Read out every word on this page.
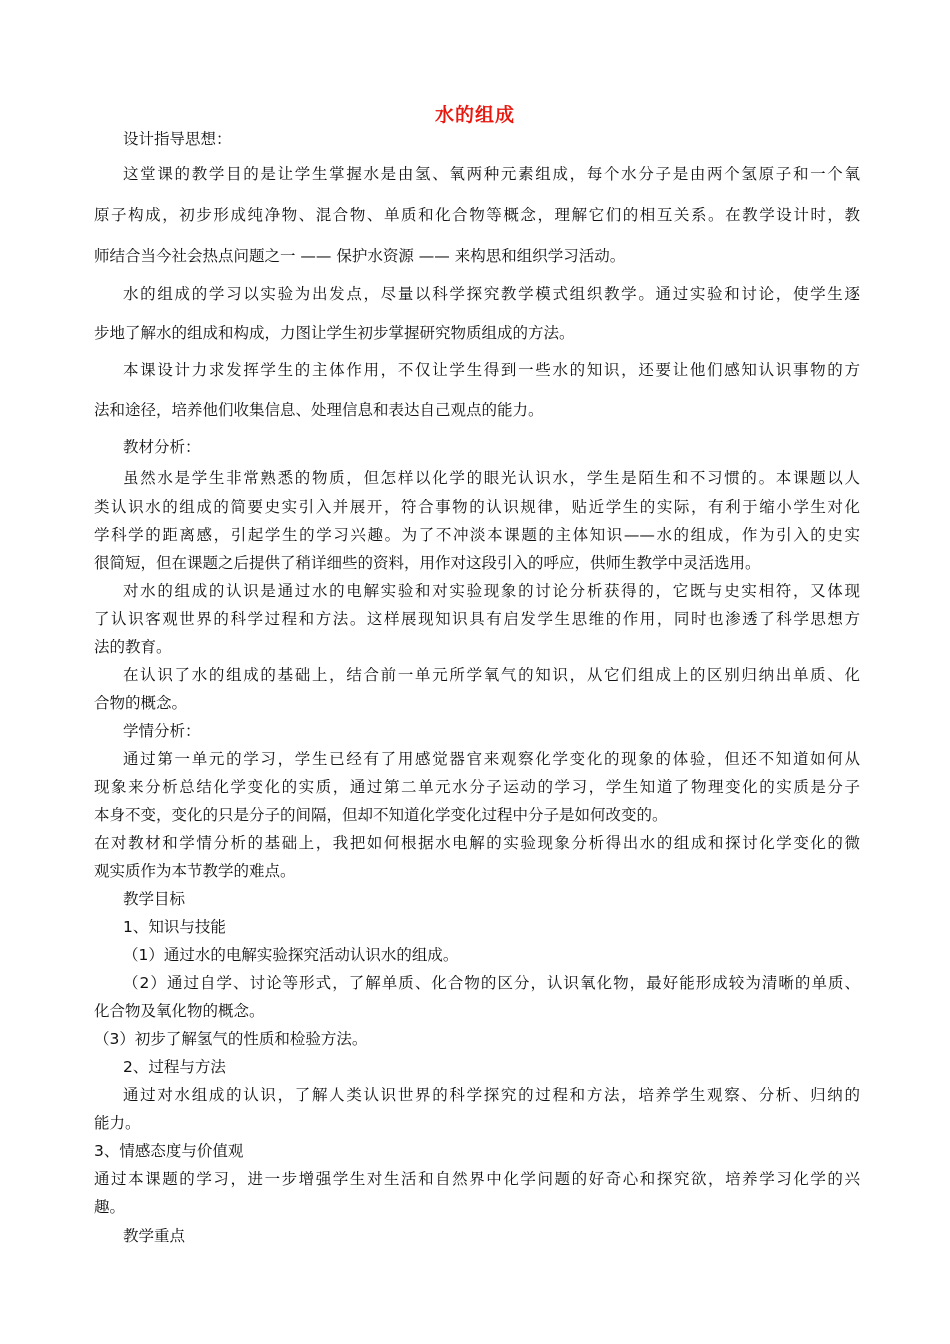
水的组成
设计指导思想：
这堂课的教学目的是让学生掌握水是由氢、氧两种元素组成，每个水分子是由两个氢原子和一个氧
原子构成，初步形成纯净物、混合物、单质和化合物等概念，理解它们的相互关系。在教学设计时，教
师结合当今社会热点问题之一 —— 保护水资源 —— 来构思和组织学习活动。
水的组成的学习以实验为出发点，尽量以科学探究教学模式组织教学。通过实验和讨论，使学生逐
步地了解水的组成和构成，力图让学生初步掌握研究物质组成的方法。
本课设计力求发挥学生的主体作用，不仅让学生得到一些水的知识，还要让他们感知认识事物的方
法和途径，培养他们收集信息、处理信息和表达自己观点的能力。
教材分析：
虽然水是学生非常熟悉的物质，但怎样以化学的眼光认识水，学生是陌生和不习惯的。本课题以人
类认识水的组成的简要史实引入并展开，符合事物的认识规律，贴近学生的实际，有利于缩小学生对化
学科学的距离感，引起学生的学习兴趣。为了不冲淡本课题的主体知识——水的组成，作为引入的史实
很简短，但在课题之后提供了稍详细些的资料，用作对这段引入的呼应，供师生教学中灵活选用。
对水的组成的认识是通过水的电解实验和对实验现象的讨论分析获得的，它既与史实相符，又体现
了认识客观世界的科学过程和方法。这样展现知识具有启发学生思维的作用，同时也渗透了科学思想方
法的教育。
在认识了水的组成的基础上，结合前一单元所学氧气的知识，从它们组成上的区别归纳出单质、化
合物的概念。
学情分析：
通过第一单元的学习，学生已经有了用感觉器官来观察化学变化的现象的体验，但还不知道如何从
现象来分析总结化学变化的实质，通过第二单元水分子运动的学习，学生知道了物理变化的实质是分子
本身不变，变化的只是分子的间隔，但却不知道化学变化过程中分子是如何改变的。
在对教材和学情分析的基础上，我把如何根据水电解的实验现象分析得出水的组成和探讨化学变化的微
观实质作为本节教学的难点。
教学目标
1、知识与技能
（1）通过水的电解实验探究活动认识水的组成。
（2）通过自学、讨论等形式，了解单质、化合物的区分，认识氧化物，最好能形成较为清晰的单质、
化合物及氧化物的概念。
（3）初步了解氢气的性质和检验方法。
2、过程与方法
通过对水组成的认识，了解人类认识世界的科学探究的过程和方法，培养学生观察、分析、归纳的
能力。
3、情感态度与价值观
通过本课题的学习，进一步增强学生对生活和自然界中化学问题的好奇心和探究欲，培养学习化学的兴
趣。
教学重点
